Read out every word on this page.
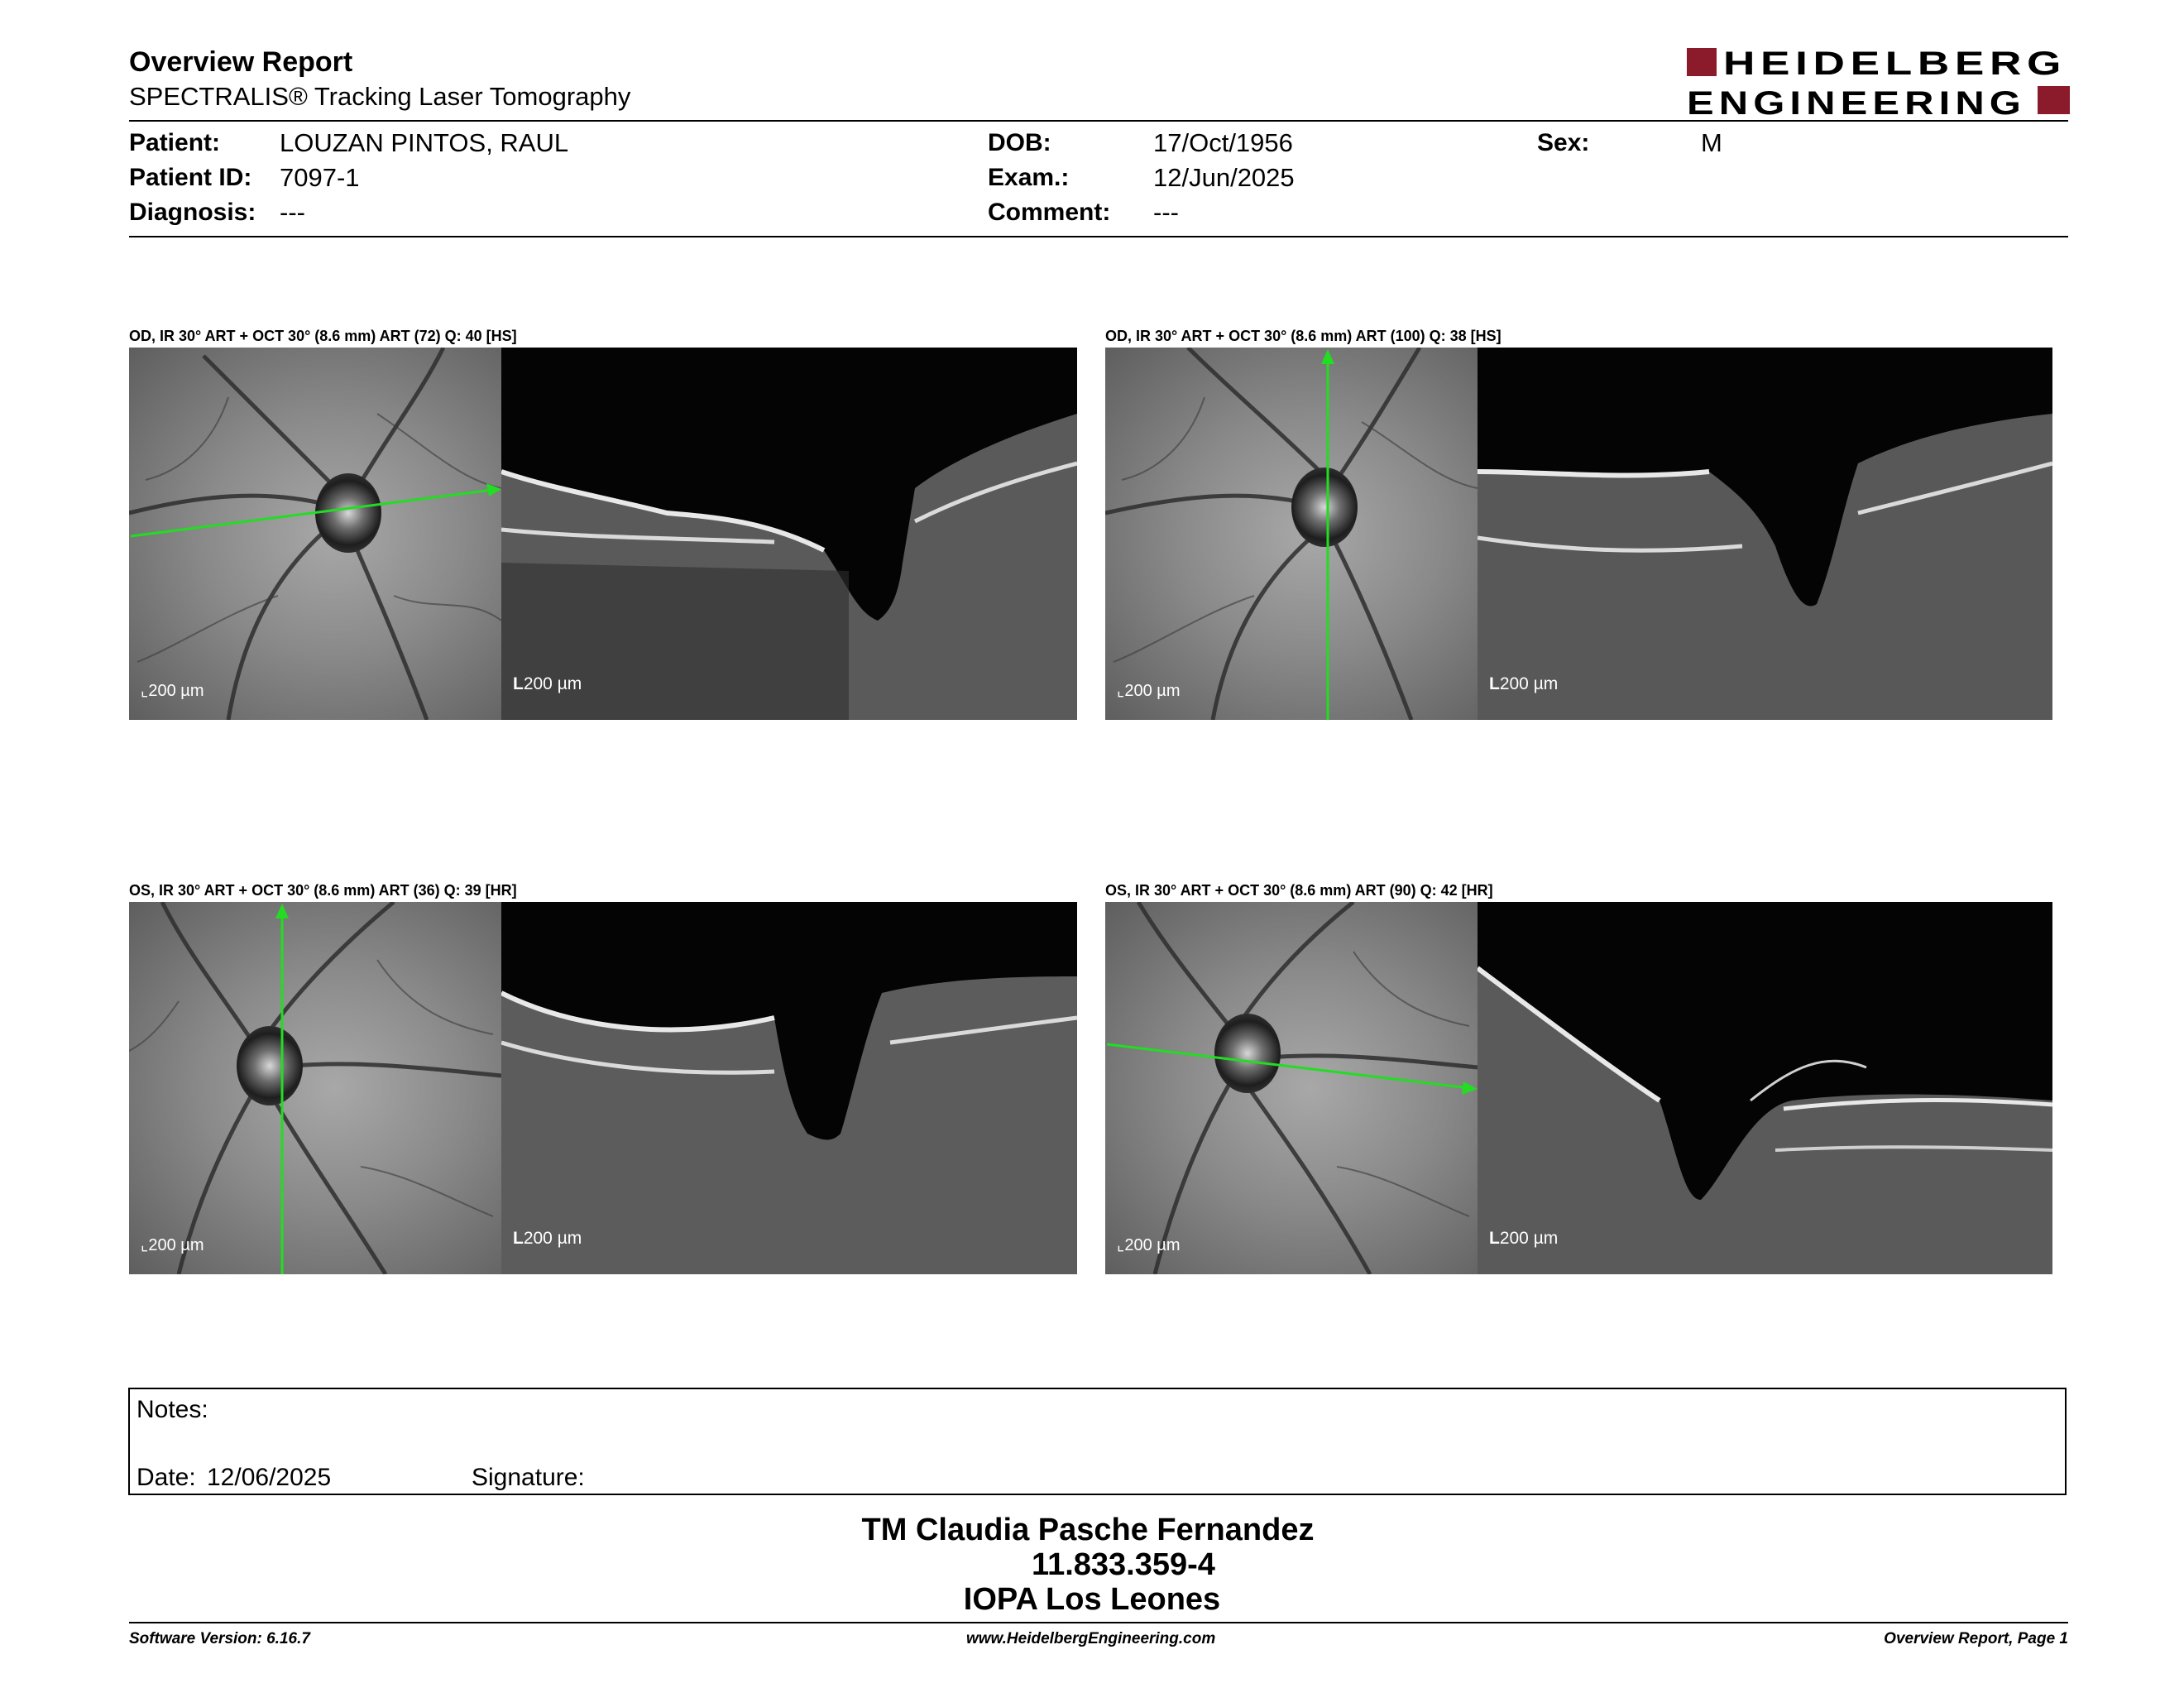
Overview Report
SPECTRALIS® Tracking Laser Tomography
HEIDELBERG
ENGINEERING
Patient: LOUZAN PINTOS, RAUL
Patient ID: 7097-1
Diagnosis: ---
DOB:	17/Oct/1956
Exam.:	12/Jun/2025
Comment: ---
Sex:	M
OD, IR 30° ART + OCT 30° (8.6 mm) ART (72) Q: 40 [HS]
⌞200 µm	L200 µm
OD, IR 30° ART + OCT 30° (8.6 mm) ART (100) Q: 38 [HS]
⌞200 µm	L200 µm
OS, IR 30° ART + OCT 30° (8.6 mm) ART (36) Q: 39 [HR]
⌞200 µm	L200 µm
OS, IR 30° ART + OCT 30° (8.6 mm) ART (90) Q: 42 [HR]
⌞200 µm	L200 µm
Notes:
Date: 12/06/2025	Signature:
TM Claudia Pasche Fernandez
11.833.359-4
IOPA Los Leones
Software Version: 6.16.7	www.HeidelbergEngineering.com	Overview Report, Page 1
